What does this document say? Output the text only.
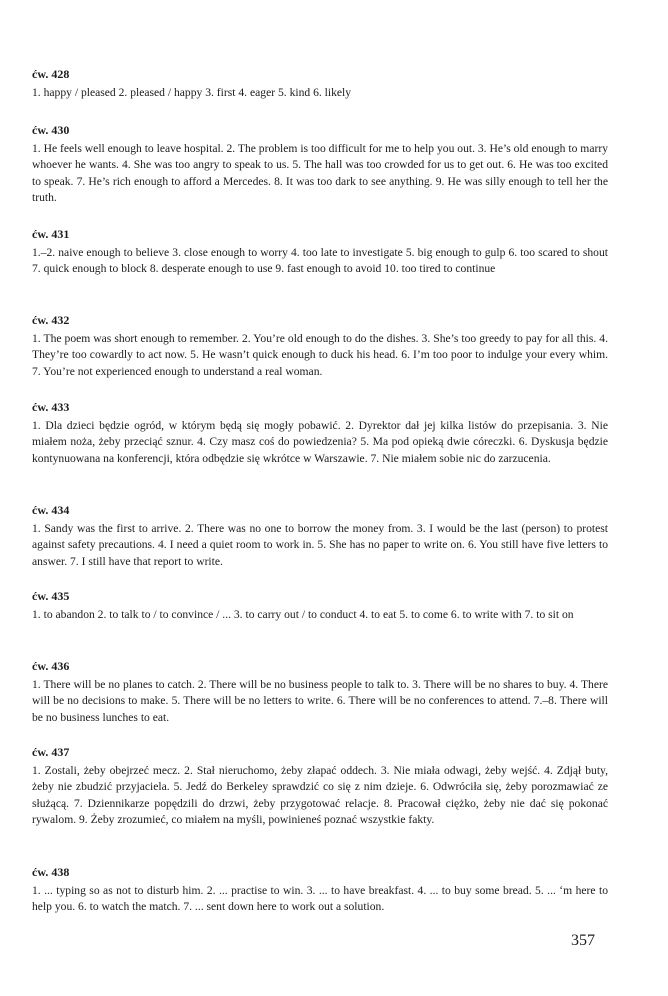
ćw. 428

1. happy / pleased 2. pleased / happy 3. first 4. eager 5. kind 6. likely

ćw. 430

1. He feels well enough to leave hospital. 2. The problem is too difficult for me to help you out. 3. He’s old enough to marry whoever he wants. 4. She was too angry to speak to us. 5. The hall was too crowded for us to get out. 6. He was too excited to speak. 7. He’s rich enough to afford a Mercedes. 8. It was too dark to see anything. 9. He was silly enough to tell her the truth.

ćw. 431

1.–2. naive enough to believe 3. close enough to worry 4. too late to investigate 5. big enough to gulp 6. too scared to shout 7. quick enough to block 8. desperate enough to use 9. fast enough to avoid 10. too tired to continue

ćw. 432

1. The poem was short enough to remember. 2. You’re old enough to do the dishes. 3. She’s too greedy to pay for all this. 4. They’re too cowardly to act now. 5. He wasn’t quick enough to duck his head. 6. I’m too poor to indulge your every whim. 7. You’re not experienced enough to understand a real woman.

ćw. 433

1. Dla dzieci będzie ogród, w którym będą się mogły pobawić. 2. Dyrektor dał jej kilka listów do przepisania. 3. Nie miałem noża, żeby przeciąć sznur. 4. Czy masz coś do powiedzenia? 5. Ma pod opieką dwie córeczki. 6. Dyskusja będzie kontynuowana na konferencji, która odbędzie się wkrótce w Warszawie. 7. Nie miałem sobie nic do zarzucenia.

ćw. 434

1. Sandy was the first to arrive. 2. There was no one to borrow the money from. 3. I would be the last (person) to protest against safety precautions. 4. I need a quiet room to work in. 5. She has no paper to write on. 6. You still have five letters to answer. 7. I still have that report to write.

ćw. 435

1. to abandon 2. to talk to / to convince / ... 3. to carry out / to conduct 4. to eat 5. to come 6. to write with 7. to sit on

ćw. 436

1. There will be no planes to catch. 2. There will be no business people to talk to. 3. There will be no shares to buy. 4. There will be no decisions to make. 5. There will be no letters to write. 6. There will be no conferences to attend. 7.–8. There will be no business lunches to eat.

ćw. 437

1. Zostali, żeby obejrzeć mecz. 2. Stał nieruchomo, żeby złapać oddech. 3. Nie miała odwagi, żeby wejść. 4. Zdjął buty, żeby nie zbudzić przyjaciela. 5. Jedź do Berkeley sprawdzić co się z nim dzieje. 6. Odwróciła się, żeby porozmawiać ze służącą. 7. Dziennikarze popędzili do drzwi, żeby przygotować relacje. 8. Pracował ciężko, żeby nie dać się pokonać rywalom. 9. Żeby zrozumieć, co miałem na myśli, powinieneś poznać wszystkie fakty.

ćw. 438

1. ... typing so as not to disturb him. 2. ... practise to win. 3. ... to have breakfast. 4. ... to buy some bread. 5. ... ‘m here to help you. 6. to watch the match. 7. ... sent down here to work out a solution.

357
